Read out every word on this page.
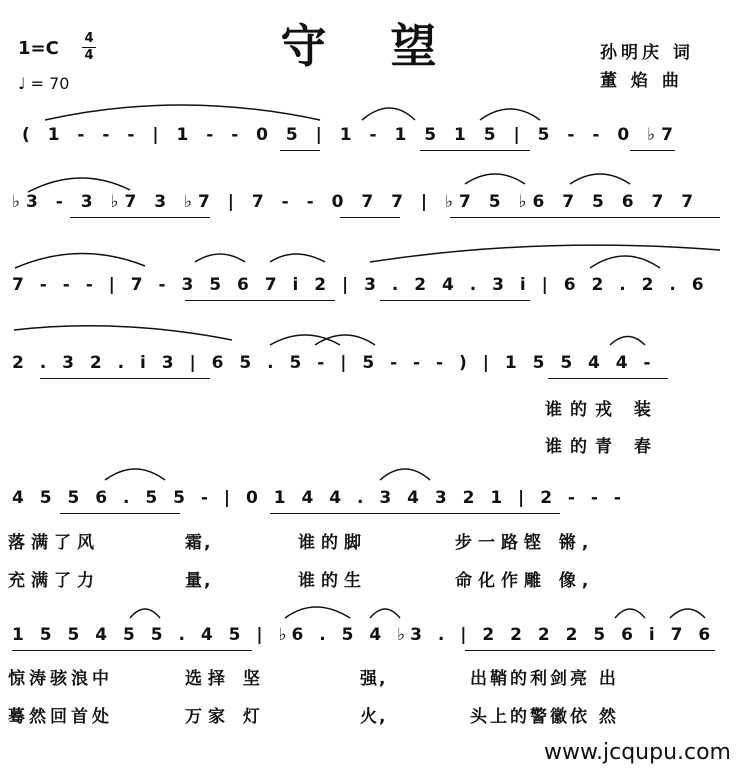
守 望
1=C 4
4
♩ = 70
孙明庆 词
董 焰 曲
( 1 - - - | 1 - - 0 5 | 1 - 1 5 1 5 | 5 - - 0 ♭7
♭3 - 3 ♭7 3 ♭7 | 7 - - 0 7 7 | ♭7 5 ♭6 7 5 6 7 7
7 - - - | 7 - 3 5 6 7 i 2 | 3 . 2 4 . 3 i | 6 2 . 2 . 6
2 . 3 2 . i 3 | 6 5 . 5 - | 5 - - - ) | 1 5 5 4 4 -
4 5 5 6 . 5 5 - | 0 1 4 4 . 3 4 3 2 1 | 2 - - -
1 5 5 4 5 5 . 4 5 | ♭6 . 5 4 ♭3 . | 2 2 2 2 5 6 i 7 6
谁的戎 装
谁的青 春
落满了风	霜,	谁的脚	步一路铿 锵,
充满了力	量,	谁的生	命化作雕 像,
惊涛骇浪中	选择 坚	强,	出鞘的利剑亮 出
蓦然回首处	万家 灯	火,	头上的警徽依 然
www.jcqupu.com
